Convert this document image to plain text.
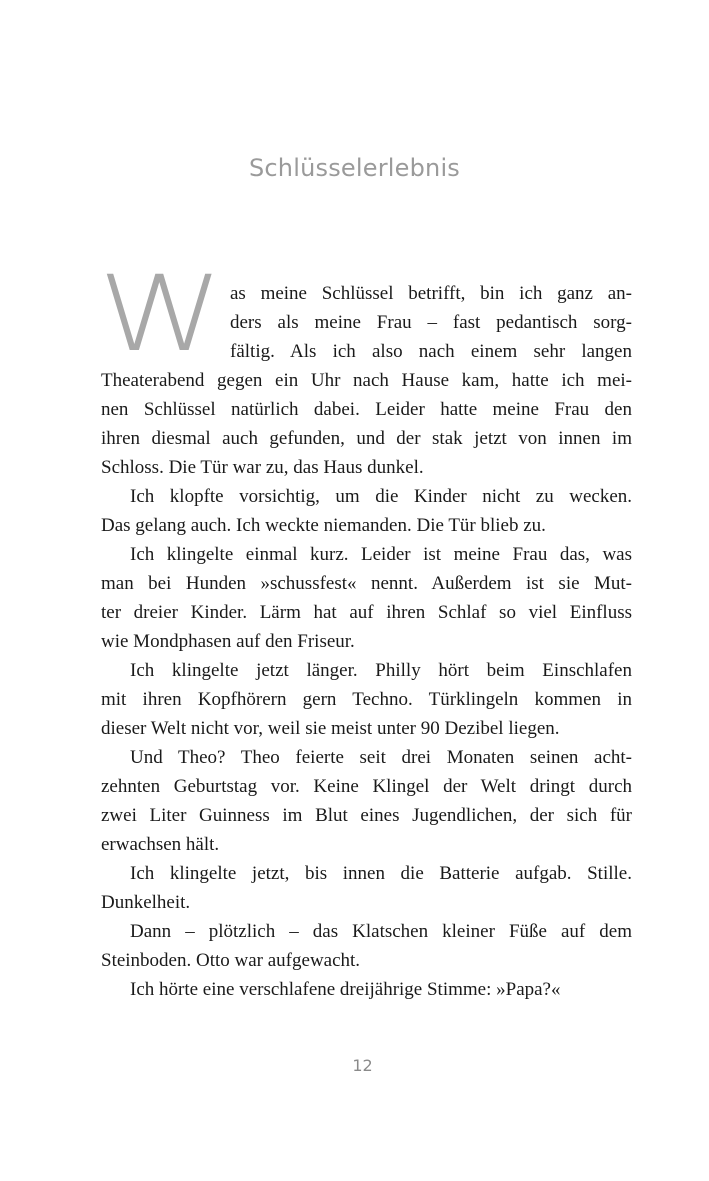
Schlüsselerlebnis
W as meine Schlüssel betrifft, bin ich ganz an-
ders als meine Frau – fast pedantisch sorg-
fältig. Als ich also nach einem sehr langen
Theaterabend gegen ein Uhr nach Hause kam, hatte ich mei-
nen Schlüssel natürlich dabei. Leider hatte meine Frau den
ihren diesmal auch gefunden, und der stak jetzt von innen im
Schloss. Die Tür war zu, das Haus dunkel.
Ich klopfte vorsichtig, um die Kinder nicht zu wecken.
Das gelang auch. Ich weckte niemanden. Die Tür blieb zu.
Ich klingelte einmal kurz. Leider ist meine Frau das, was
man bei Hunden »schussfest« nennt. Außerdem ist sie Mut-
ter dreier Kinder. Lärm hat auf ihren Schlaf so viel Einfluss
wie Mondphasen auf den Friseur.
Ich klingelte jetzt länger. Philly hört beim Einschlafen
mit ihren Kopfhörern gern Techno. Türklingeln kommen in
dieser Welt nicht vor, weil sie meist unter 90 Dezibel liegen.
Und Theo? Theo feierte seit drei Monaten seinen acht-
zehnten Geburtstag vor. Keine Klingel der Welt dringt durch
zwei Liter Guinness im Blut eines Jugendlichen, der sich für
erwachsen hält.
Ich klingelte jetzt, bis innen die Batterie aufgab. Stille.
Dunkelheit.
Dann – plötzlich – das Klatschen kleiner Füße auf dem
Steinboden. Otto war aufgewacht.
Ich hörte eine verschlafene dreijährige Stimme: »Papa?«
12
